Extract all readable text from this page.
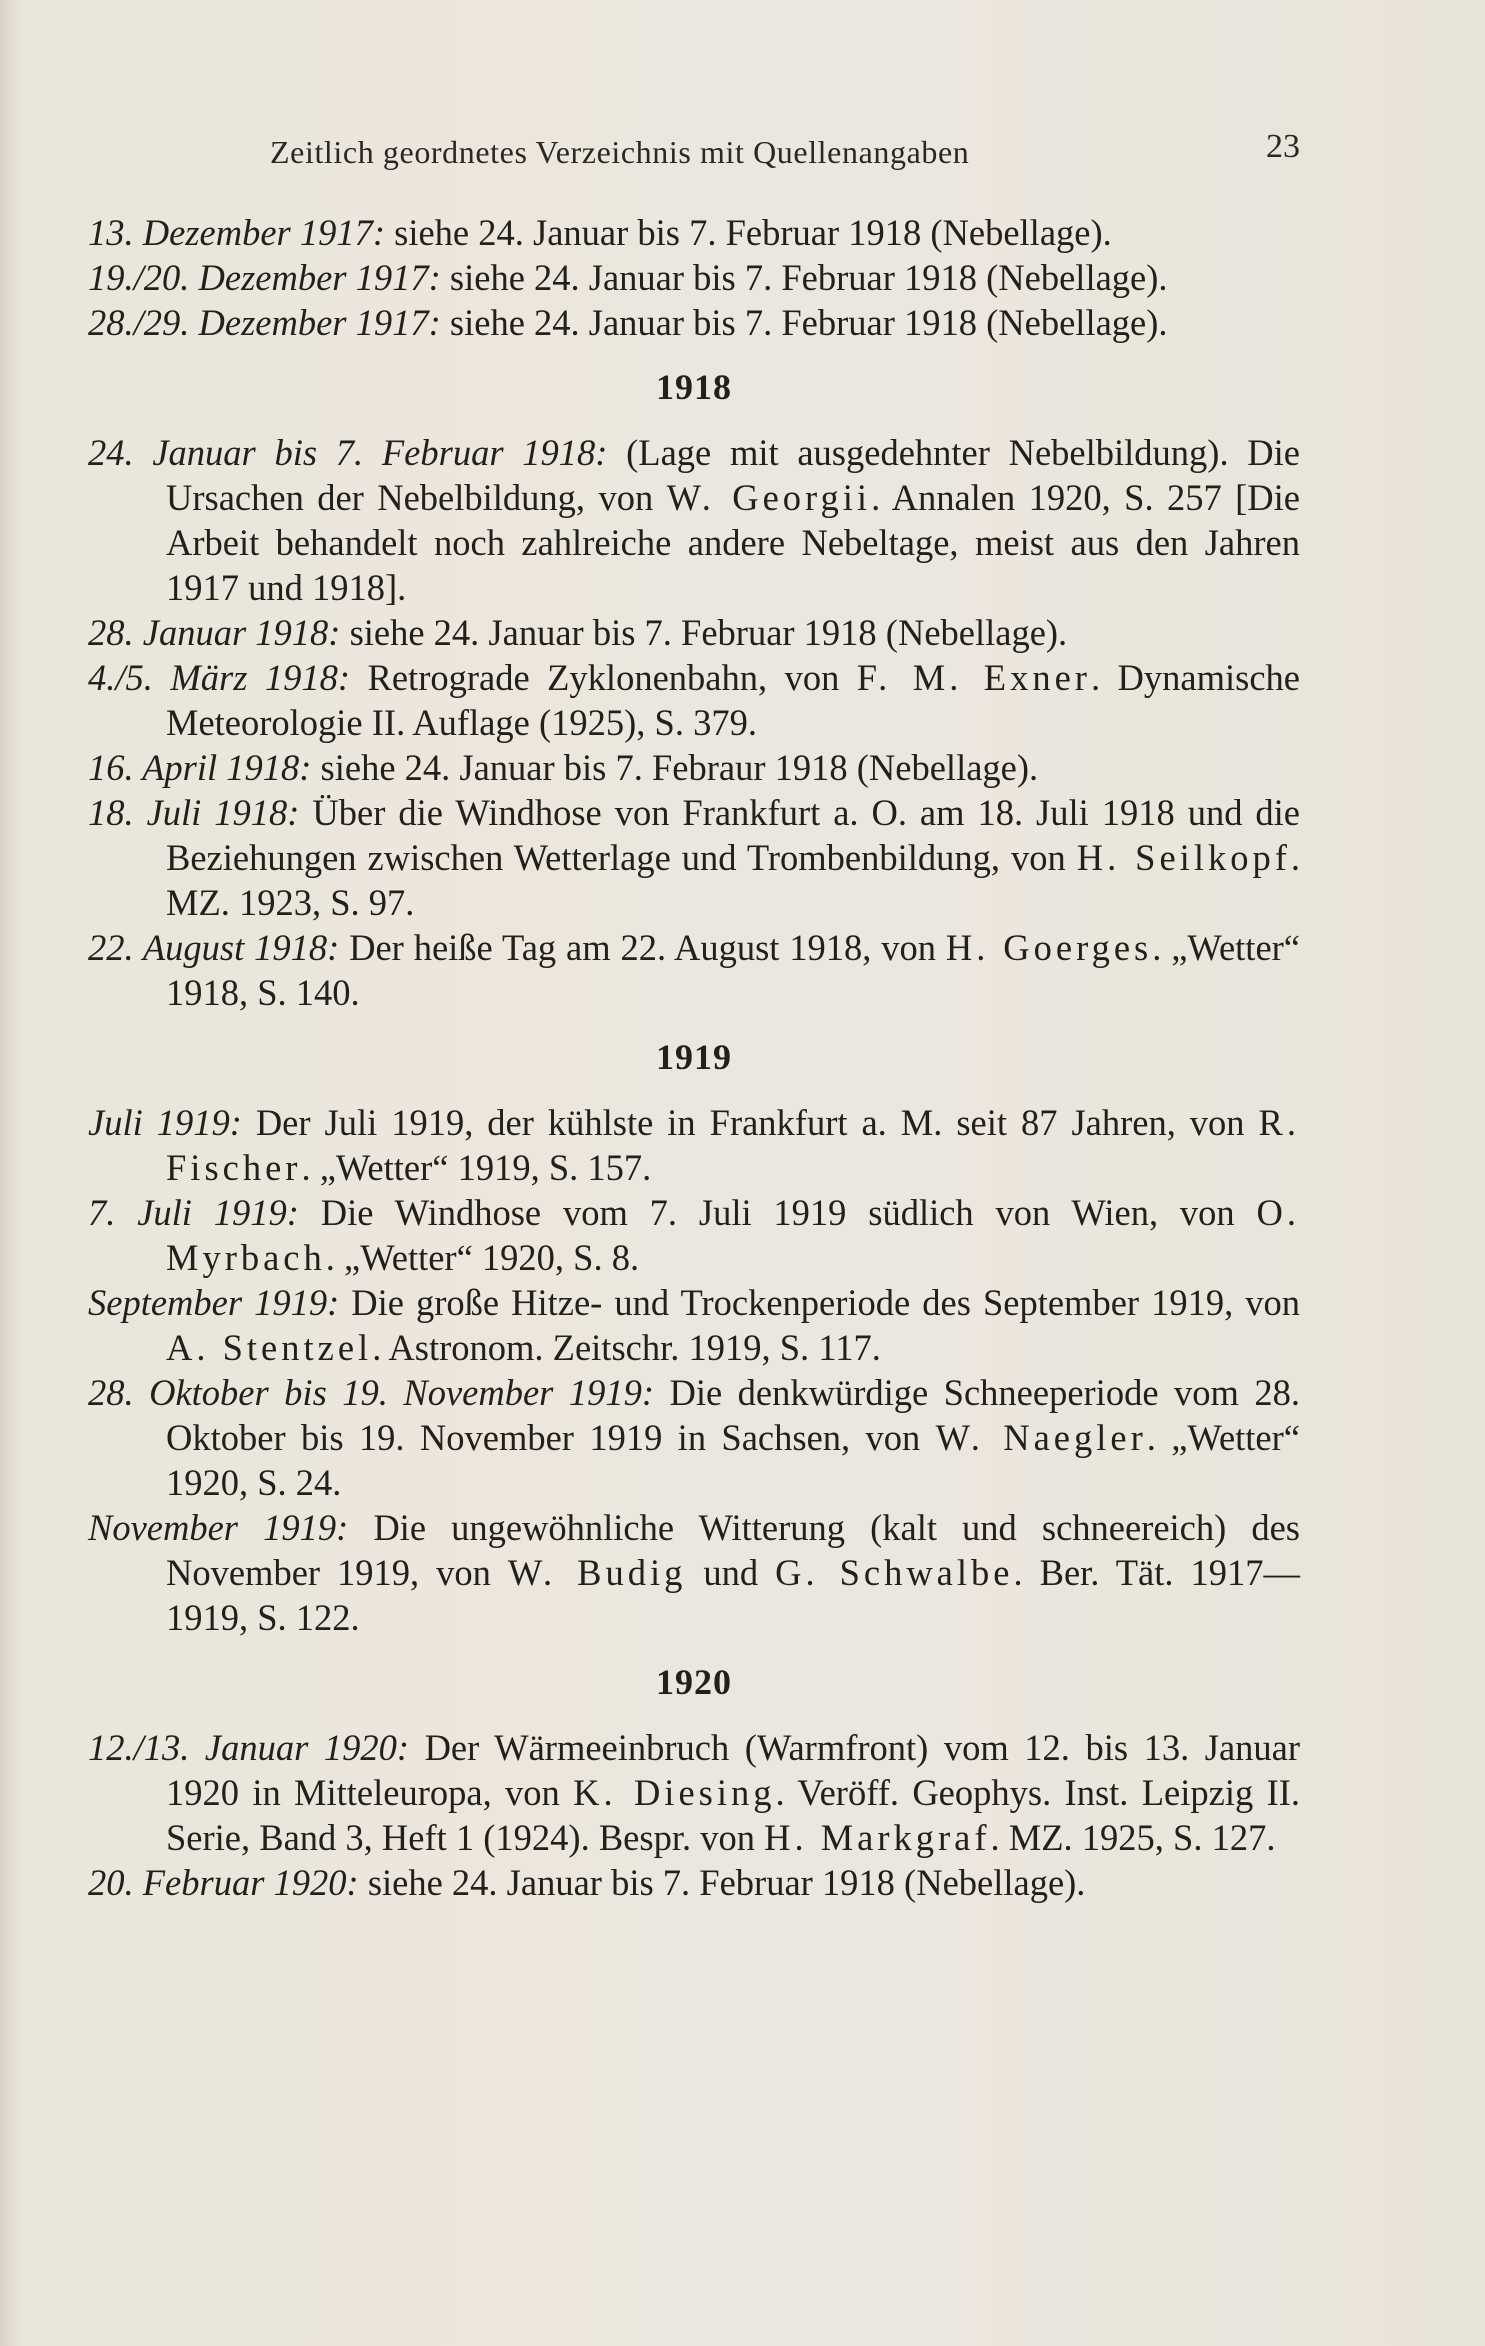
Zeitlich geordnetes Verzeichnis mit Quellenangaben	23

13. Dezember 1917: siehe 24. Januar bis 7. Februar 1918 (Nebellage).

19./20. Dezember 1917: siehe 24. Januar bis 7. Februar 1918 (Nebellage).

28./29. Dezember 1917: siehe 24. Januar bis 7. Februar 1918 (Nebellage).

1918

24. Januar bis 7. Februar 1918: (Lage mit ausgedehnter Nebelbildung). Die Ursachen der Nebelbildung, von W. Georgii. Annalen 1920, S. 257 [Die Arbeit behandelt noch zahlreiche andere Nebeltage, meist aus den Jahren 1917 und 1918].

28. Januar 1918: siehe 24. Januar bis 7. Februar 1918 (Nebellage).

4./5. März 1918: Retrograde Zyklonenbahn, von F. M. Exner. Dynamische Meteorologie II. Auflage (1925), S. 379.

16. April 1918: siehe 24. Januar bis 7. Febraur 1918 (Nebellage).

18. Juli 1918: Über die Windhose von Frankfurt a. O. am 18. Juli 1918 und die Beziehungen zwischen Wetterlage und Trombenbildung, von H. Seilkopf. MZ. 1923, S. 97.

22. August 1918: Der heiße Tag am 22. August 1918, von H. Goerges. „Wetter“ 1918, S. 140.

1919

Juli 1919: Der Juli 1919, der kühlste in Frankfurt a. M. seit 87 Jahren, von R. Fischer. „Wetter“ 1919, S. 157.

7. Juli 1919: Die Windhose vom 7. Juli 1919 südlich von Wien, von O. Myrbach. „Wetter“ 1920, S. 8.

September 1919: Die große Hitze- und Trockenperiode des September 1919, von A. Stentzel. Astronom. Zeitschr. 1919, S. 117.

28. Oktober bis 19. November 1919: Die denkwürdige Schneeperiode vom 28. Oktober bis 19. November 1919 in Sachsen, von W. Naegler. „Wetter“ 1920, S. 24.

November 1919: Die ungewöhnliche Witterung (kalt und schneereich) des November 1919, von W. Budig und G. Schwalbe. Ber. Tät. 1917—1919, S. 122.

1920

12./13. Januar 1920: Der Wärmeeinbruch (Warmfront) vom 12. bis 13. Januar 1920 in Mitteleuropa, von K. Diesing. Veröff. Geophys. Inst. Leipzig II. Serie, Band 3, Heft 1 (1924). Bespr. von H. Markgraf. MZ. 1925, S. 127.

20. Februar 1920: siehe 24. Januar bis 7. Februar 1918 (Nebellage).
